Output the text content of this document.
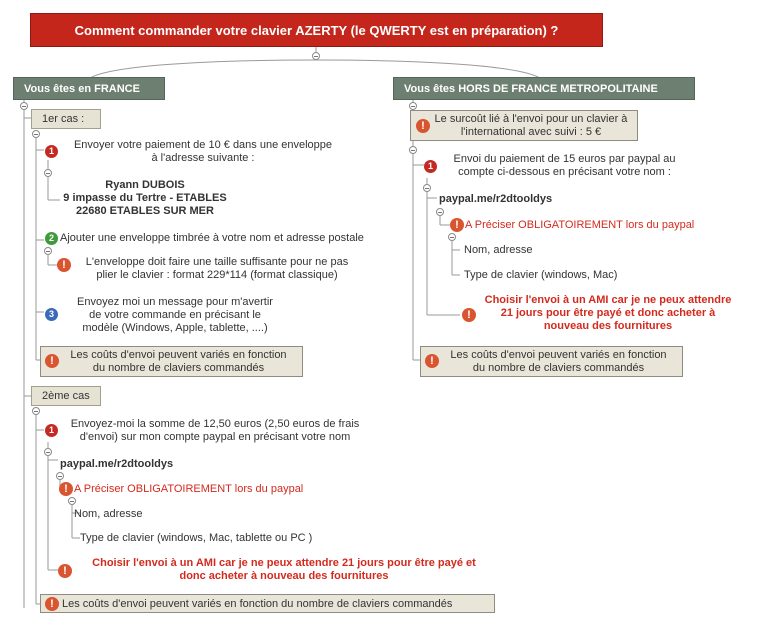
Comment commander votre clavier AZERTY (le QWERTY est en préparation) ?
Vous êtes en FRANCE
1er cas :
1	Envoyer votre paiement de 10 € dans une enveloppe
à l'adresse suivante :
Ryann DUBOIS
9 impasse du Tertre - ETABLES
22680 ETABLES SUR MER
2 Ajouter une enveloppe timbrée à votre nom et adresse postale
!	L'enveloppe doit faire une taille suffisante pour ne pas
plier le clavier : format 229*114 (format classique)
3
Envoyez moi un message pour m'avertir
de votre commande en précisant le
modèle (Windows, Apple, tablette, ....)
Les coûts d'envoi peuvent variés en fonction
du nombre de claviers commandés
!
2ème cas
1	Envoyez-moi la somme de 12,50 euros (2,50 euros de frais
d'envoi) sur mon compte paypal en précisant votre nom
paypal.me/r2dtooldys
! A Préciser OBLIGATOIREMENT lors du paypal
Nom, adresse
Type de clavier (windows, Mac, tablette ou PC )
!
Choisir l'envoi à un AMI car je ne peux attendre 21 jours pour être payé et
donc acheter à nouveau des fournitures
Les coûts d'envoi peuvent variés en fonction du nombre de claviers commandés
!
Vous êtes HORS DE FRANCE METROPOLITAINE
Le surcoût lié à l'envoi pour un clavier à
l'international avec suivi : 5 €
!
1
Envoi du paiement de 15 euros par paypal au
compte ci-dessous en précisant votre nom :
paypal.me/r2dtooldys
! A Préciser OBLIGATOIREMENT lors du paypal
Nom, adresse
Type de clavier (windows, Mac)
!
Choisir l'envoi à un AMI car je ne peux attendre
21 jours pour être payé et donc acheter à
nouveau des fournitures
Les coûts d'envoi peuvent variés en fonction
du nombre de claviers commandés
!
